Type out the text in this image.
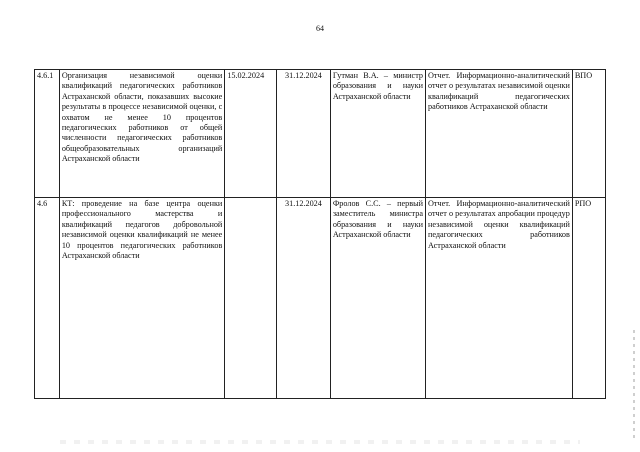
64
4.6.1	Организация независимой оценки квалификаций педагогических работников Астраханской области, показавших высокие результаты в процессе независимой оценки, с охватом не менее 10 процентов педагогических работников от общей численности педагогических работников общеобразовательных организаций Астраханской области	15.02.2024	31.12.2024	Гутман В.А. – министр образования и науки Астраханской области	Отчет. Информационно-аналитический отчет о результатах независимой оценки квалификаций педагогических работников Астраханской области	ВПО
4.6	КТ: проведение на базе центра оценки профессионального мастерства и квалификаций педагогов добровольной независимой оценки квалификаций не менее 10 процентов педагогических работников Астраханской области		31.12.2024	Фролов С.С. – первый заместитель министра образования и науки Астраханской области	Отчет. Информационно-аналитический отчет о результатах апробации процедур независимой оценки квалификаций педагогических работников Астраханской области	РПО
